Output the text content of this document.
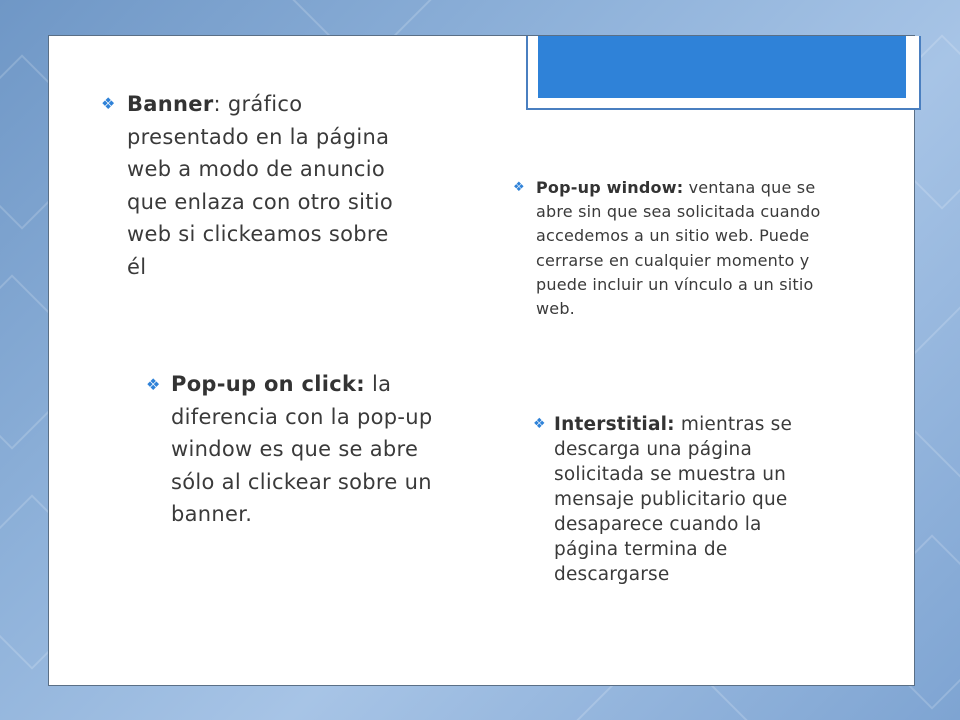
❖ Banner: gráfico presentado en la página web a modo de anuncio que enlaza con otro sitio web si clickeamos sobre él
❖ Pop-up on click: la diferencia con la pop-up window es que se abre sólo al clickear sobre un banner.
❖ Pop-up window: ventana que se abre sin que sea solicitada cuando accedemos a un sitio web. Puede cerrarse en cualquier momento y puede incluir un vínculo a un sitio web.
❖ Interstitial: mientras se descarga una página solicitada se muestra un mensaje publicitario que desaparece cuando la página termina de descargarse
